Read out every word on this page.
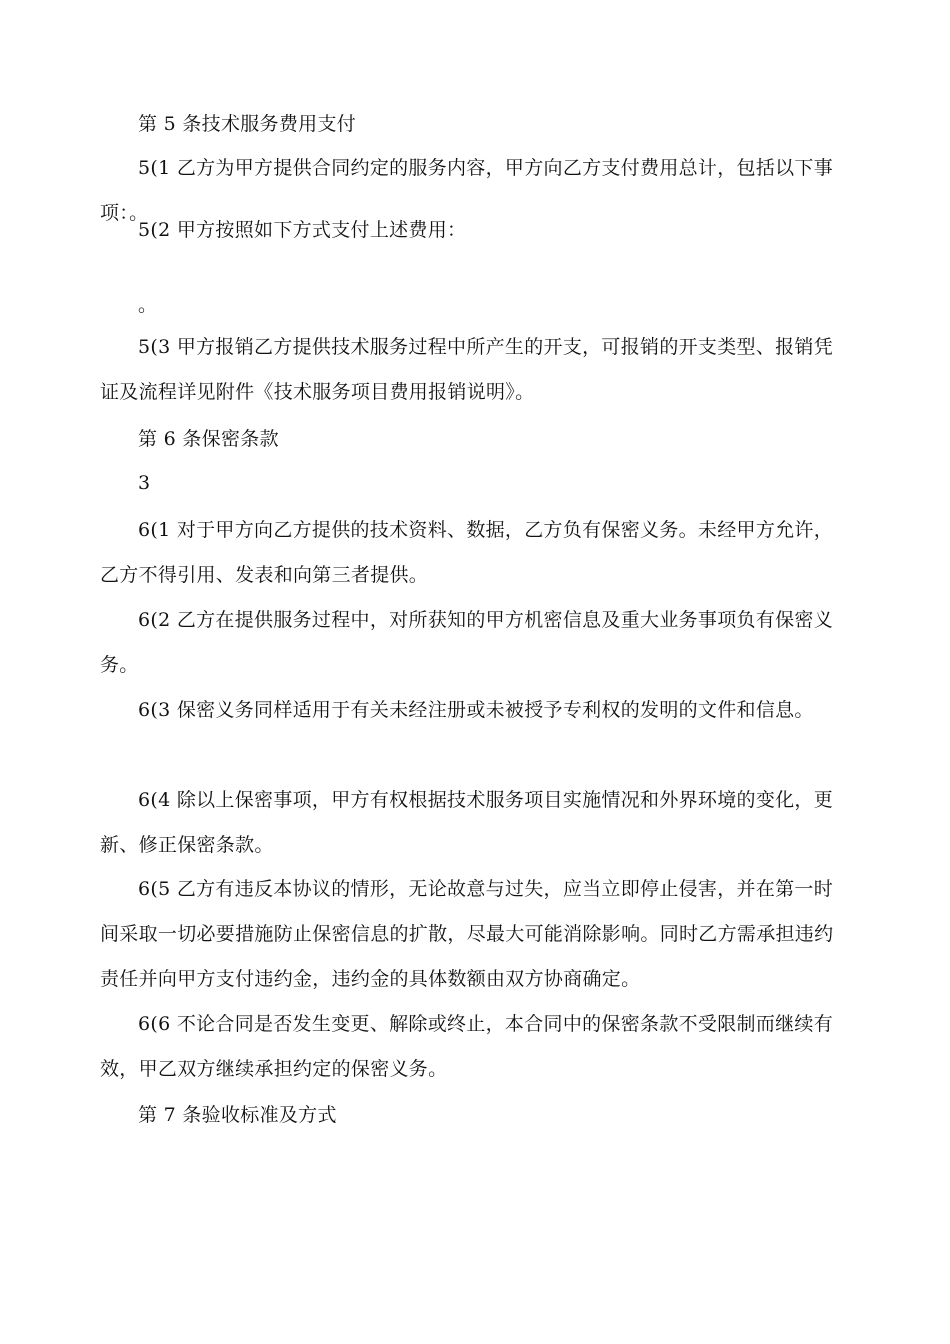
第 5 条技术服务费用支付

5(1 乙方为甲方提供合同约定的服务内容，甲方向乙方支付费用总计，包括以下事项：。

5(2 甲方按照如下方式支付上述费用：

。

5(3 甲方报销乙方提供技术服务过程中所产生的开支，可报销的开支类型、报销凭证及流程详见附件《技术服务项目费用报销说明》。

第 6 条保密条款

3

6(1 对于甲方向乙方提供的技术资料、数据，乙方负有保密义务。未经甲方允许，乙方不得引用、发表和向第三者提供。

6(2 乙方在提供服务过程中，对所获知的甲方机密信息及重大业务事项负有保密义务。

6(3 保密义务同样适用于有关未经注册或未被授予专利权的发明的文件和信息。

6(4 除以上保密事项，甲方有权根据技术服务项目实施情况和外界环境的变化，更新、修正保密条款。

6(5 乙方有违反本协议的情形，无论故意与过失，应当立即停止侵害，并在第一时间采取一切必要措施防止保密信息的扩散，尽最大可能消除影响。同时乙方需承担违约责任并向甲方支付违约金，违约金的具体数额由双方协商确定。

6(6 不论合同是否发生变更、解除或终止，本合同中的保密条款不受限制而继续有效，甲乙双方继续承担约定的保密义务。

第 7 条验收标准及方式
